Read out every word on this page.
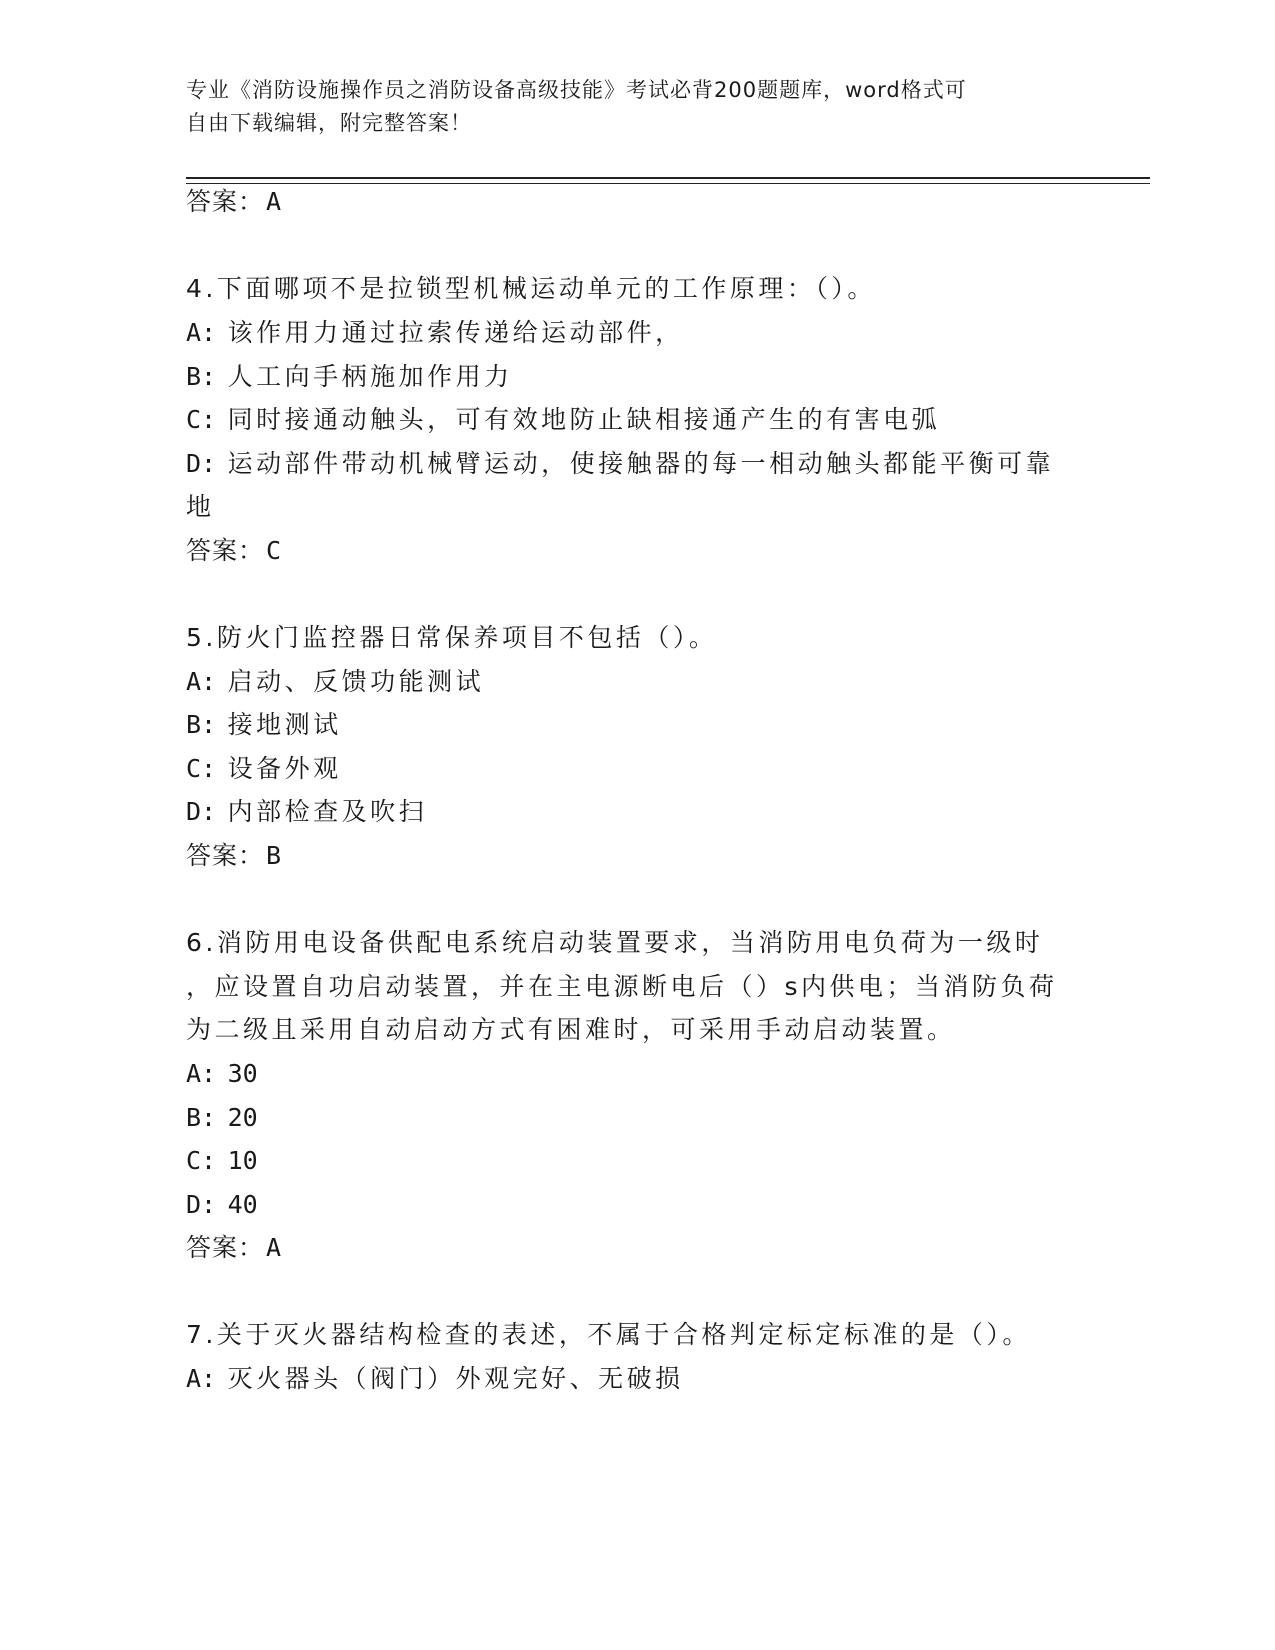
专业《消防设施操作员之消防设备高级技能》考试必背200题题库，word格式可
自由下载编辑，附完整答案！
答案：A
4.下面哪项不是拉锁型机械运动单元的工作原理：（）。
A: 该作用力通过拉索传递给运动部件，
B: 人工向手柄施加作用力
C: 同时接通动触头，可有效地防止缺相接通产生的有害电弧
D: 运动部件带动机械臂运动，使接触器的每一相动触头都能平衡可靠
地
答案：C
5.防火门监控器日常保养项目不包括（）。
A: 启动、反馈功能测试
B: 接地测试
C: 设备外观
D: 内部检查及吹扫
答案：B
6.消防用电设备供配电系统启动装置要求，当消防用电负荷为一级时
，应设置自功启动装置，并在主电源断电后（）s内供电；当消防负荷
为二级且采用自动启动方式有困难时，可采用手动启动装置。
A: 30
B: 20
C: 10
D: 40
答案：A
7.关于灭火器结构检查的表述，不属于合格判定标定标准的是（）。
A: 灭火器头（阀门）外观完好、无破损
